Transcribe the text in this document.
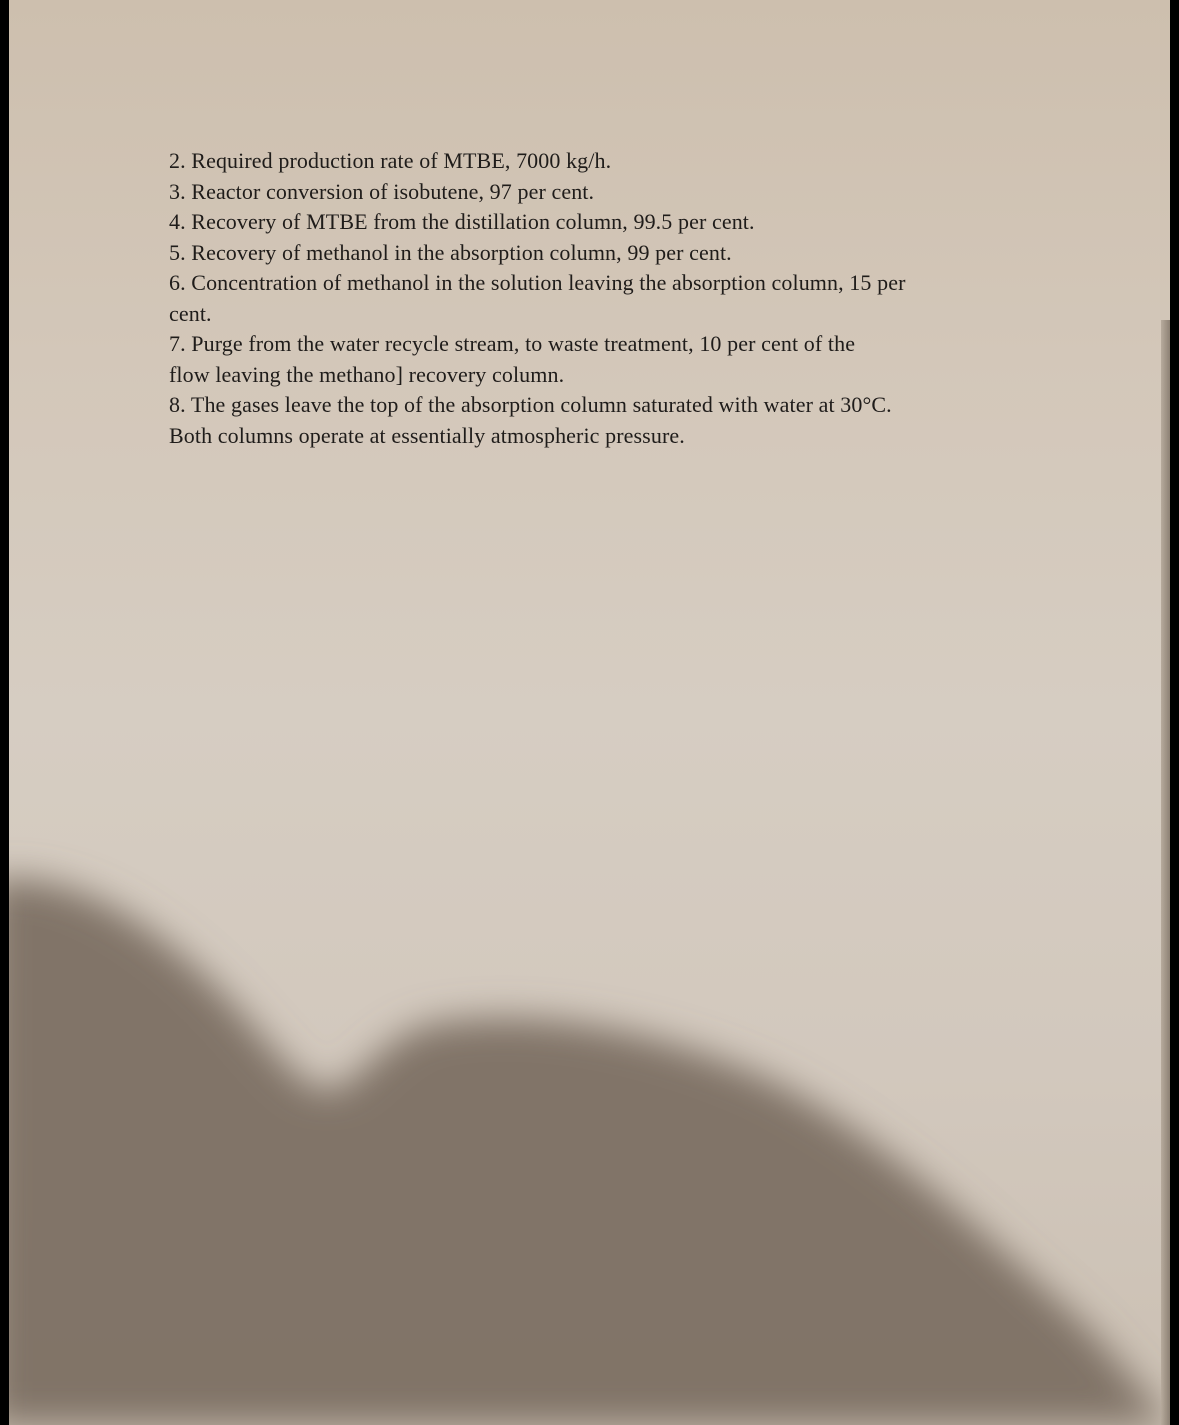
2. Required production rate of MTBE, 7000 kg/h.

3. Reactor conversion of isobutene, 97 per cent.

4. Recovery of MTBE from the distillation column, 99.5 per cent.

5. Recovery of methanol in the absorption column, 99 per cent.

6. Concentration of methanol in the solution leaving the absorption column, 15 per

cent.

7. Purge from the water recycle stream, to waste treatment, 10 per cent of the

flow leaving the methano] recovery column.

8. The gases leave the top of the absorption column saturated with water at 30°C.

Both columns operate at essentially atmospheric pressure.
